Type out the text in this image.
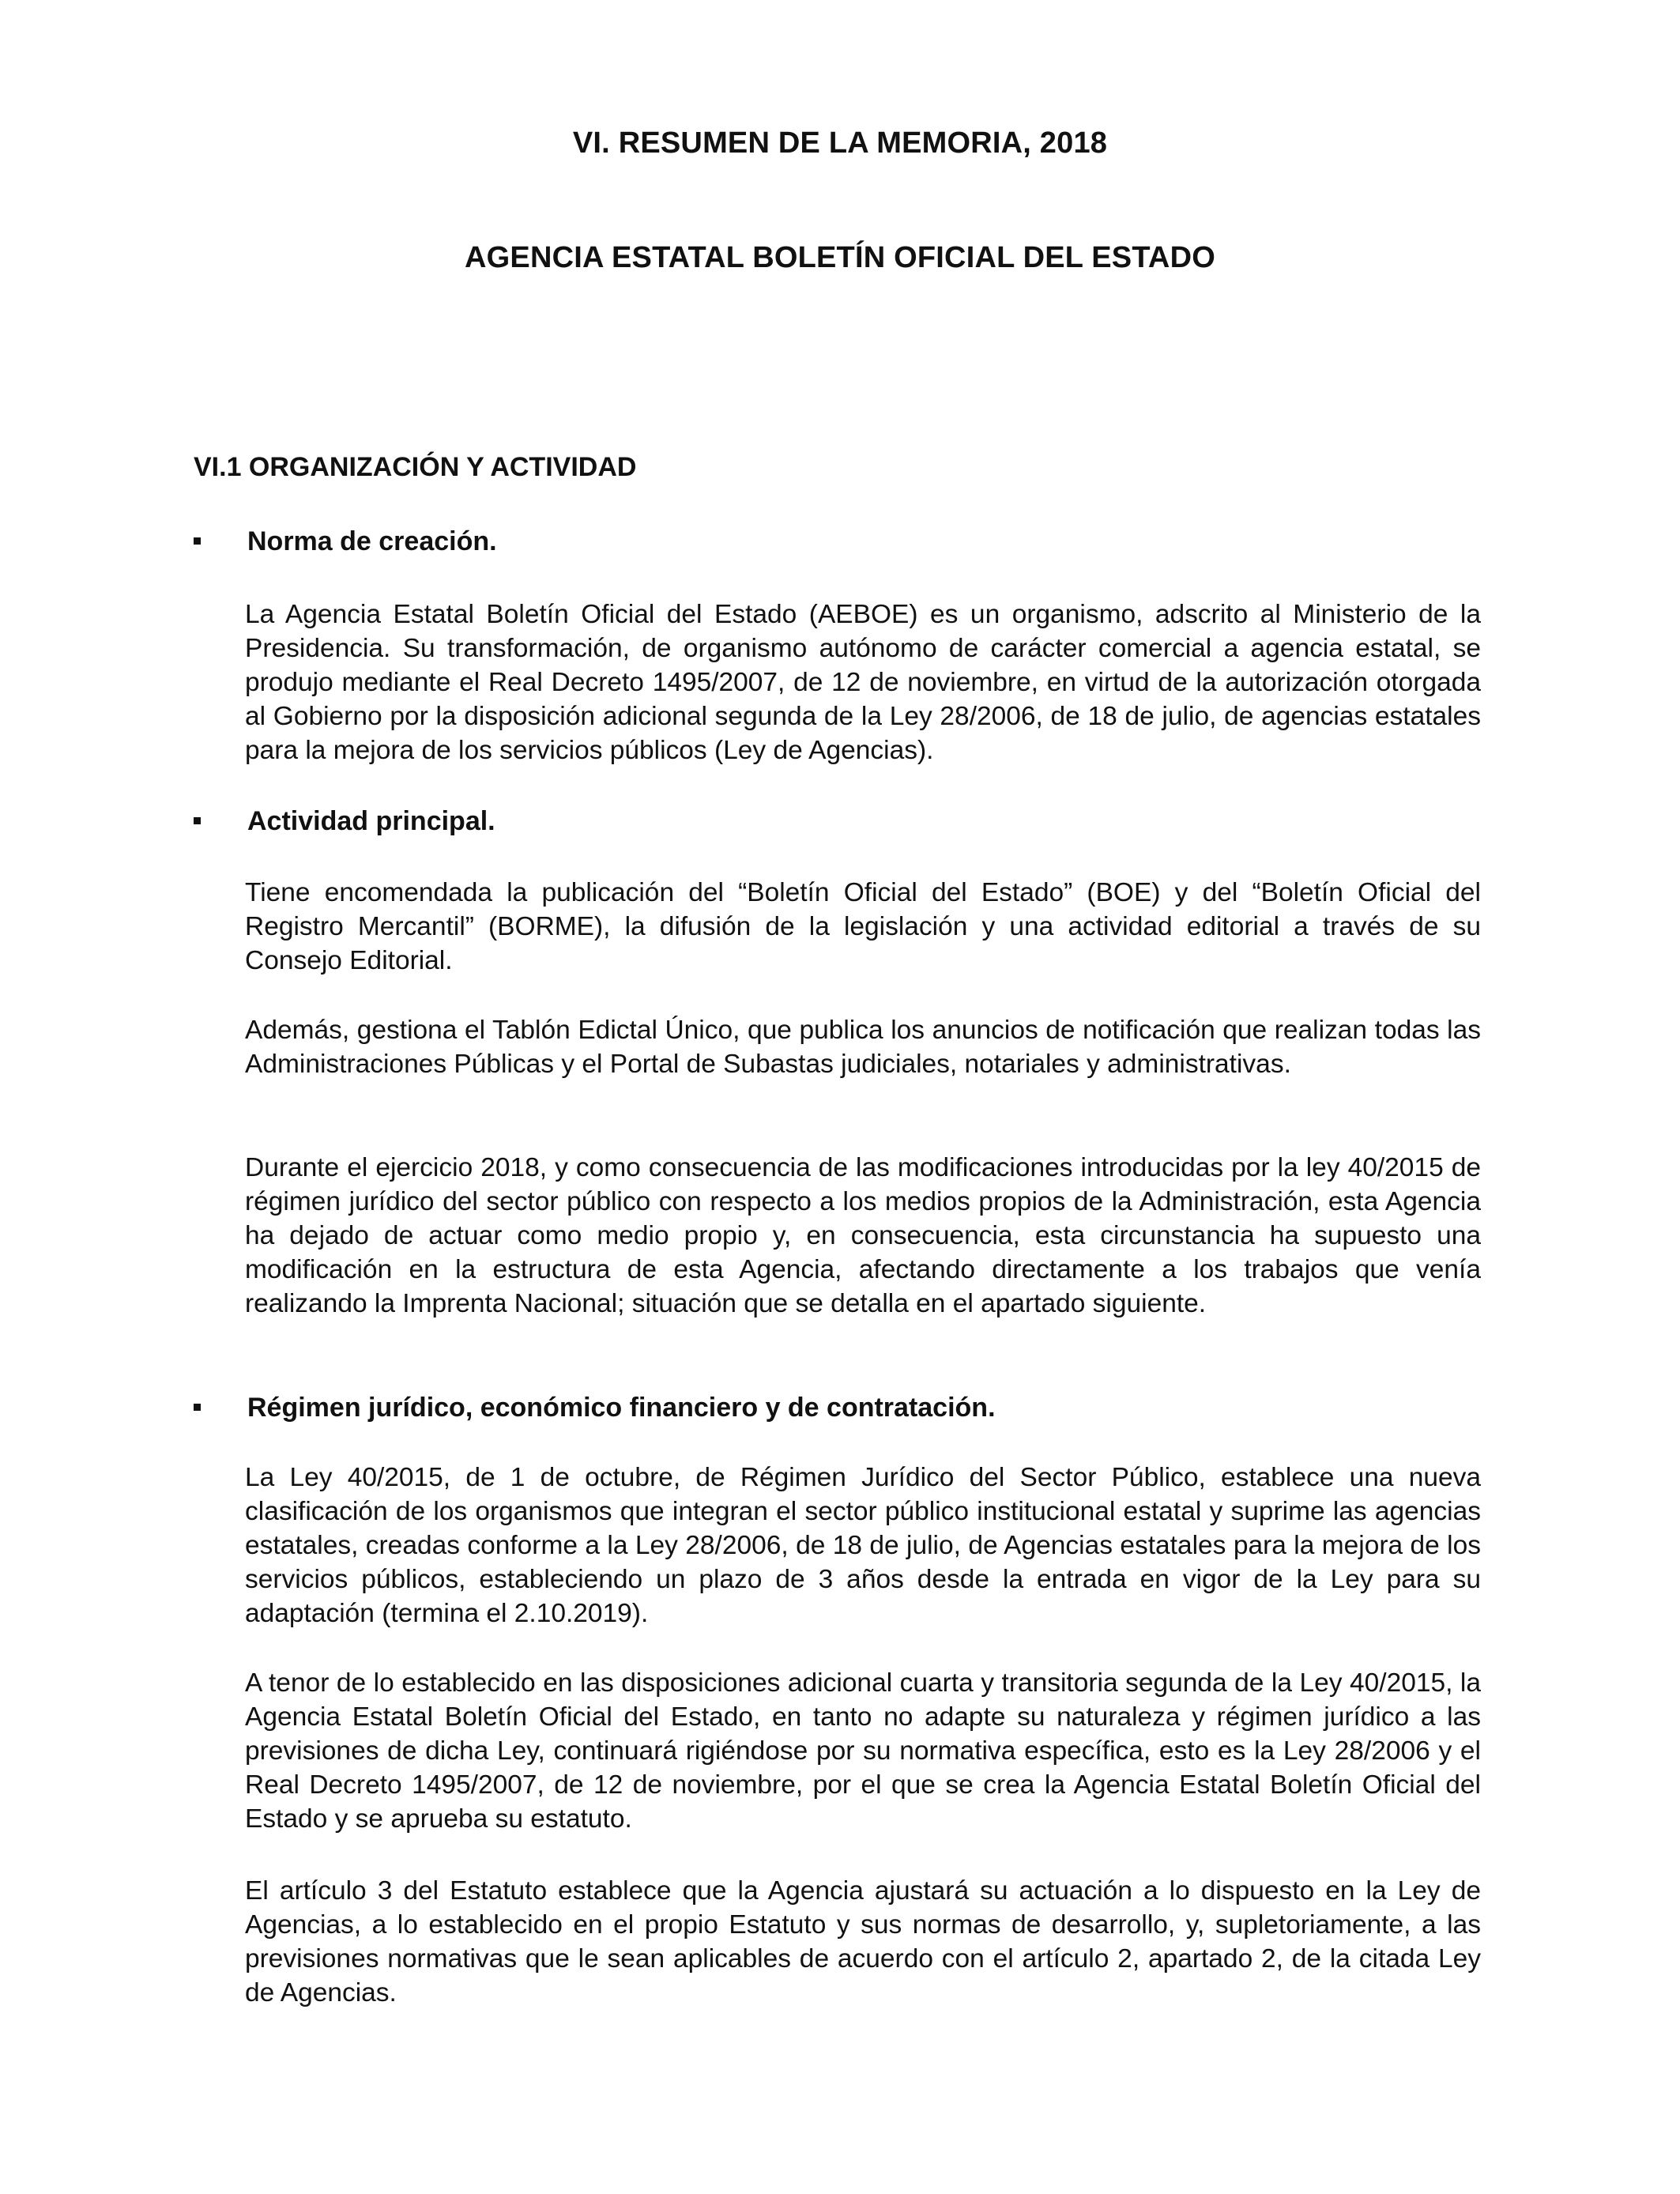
VI. RESUMEN DE LA MEMORIA, 2018
AGENCIA ESTATAL BOLETÍN OFICIAL DEL ESTADO
VI.1 ORGANIZACIÓN Y ACTIVIDAD
Norma de creación.
La Agencia Estatal Boletín Oficial del Estado (AEBOE) es un organismo, adscrito al Ministerio de la Presidencia. Su transformación, de organismo autónomo de carácter comercial a agencia estatal, se produjo mediante el Real Decreto 1495/2007, de 12 de noviembre, en virtud de la autorización otorgada al Gobierno por la disposición adicional segunda de la Ley 28/2006, de 18 de julio, de agencias estatales para la mejora de los servicios públicos (Ley de Agencias).
Actividad principal.
Tiene encomendada la publicación del “Boletín Oficial del Estado” (BOE) y del “Boletín Oficial del Registro Mercantil” (BORME), la difusión de la legislación y una actividad editorial a través de su Consejo Editorial.
Además, gestiona el Tablón Edictal Único, que publica los anuncios de notificación que realizan todas las Administraciones Públicas y el Portal de Subastas judiciales, notariales y administrativas.
Durante el ejercicio 2018, y como consecuencia de las modificaciones introducidas por la ley 40/2015 de régimen jurídico del sector público con respecto a los medios propios de la Administración, esta Agencia ha dejado de actuar como medio propio y, en consecuencia, esta circunstancia ha supuesto una modificación en la estructura de esta Agencia, afectando directamente a los trabajos que venía realizando la Imprenta Nacional; situación que se detalla en el apartado siguiente.
Régimen jurídico, económico financiero y de contratación.
La Ley 40/2015, de 1 de octubre, de Régimen Jurídico del Sector Público, establece una nueva clasificación de los organismos que integran el sector público institucional estatal y suprime las agencias estatales, creadas conforme a la Ley 28/2006, de 18 de julio, de Agencias estatales para la mejora de los servicios públicos, estableciendo un plazo de 3 años desde la entrada en vigor de la Ley para su adaptación (termina el 2.10.2019).
A tenor de lo establecido en las disposiciones adicional cuarta y transitoria segunda de la Ley 40/2015, la Agencia Estatal Boletín Oficial del Estado, en tanto no adapte su naturaleza y régimen jurídico a las previsiones de dicha Ley, continuará rigiéndose por su normativa específica, esto es la Ley 28/2006 y el Real Decreto 1495/2007, de 12 de noviembre, por el que se crea la Agencia Estatal Boletín Oficial del Estado y se aprueba su estatuto.
El artículo 3 del Estatuto establece que la Agencia ajustará su actuación a lo dispuesto en la Ley de Agencias, a lo establecido en el propio Estatuto y sus normas de desarrollo, y, supletoriamente, a las previsiones normativas que le sean aplicables de acuerdo con el artículo 2, apartado 2, de la citada Ley de Agencias.
